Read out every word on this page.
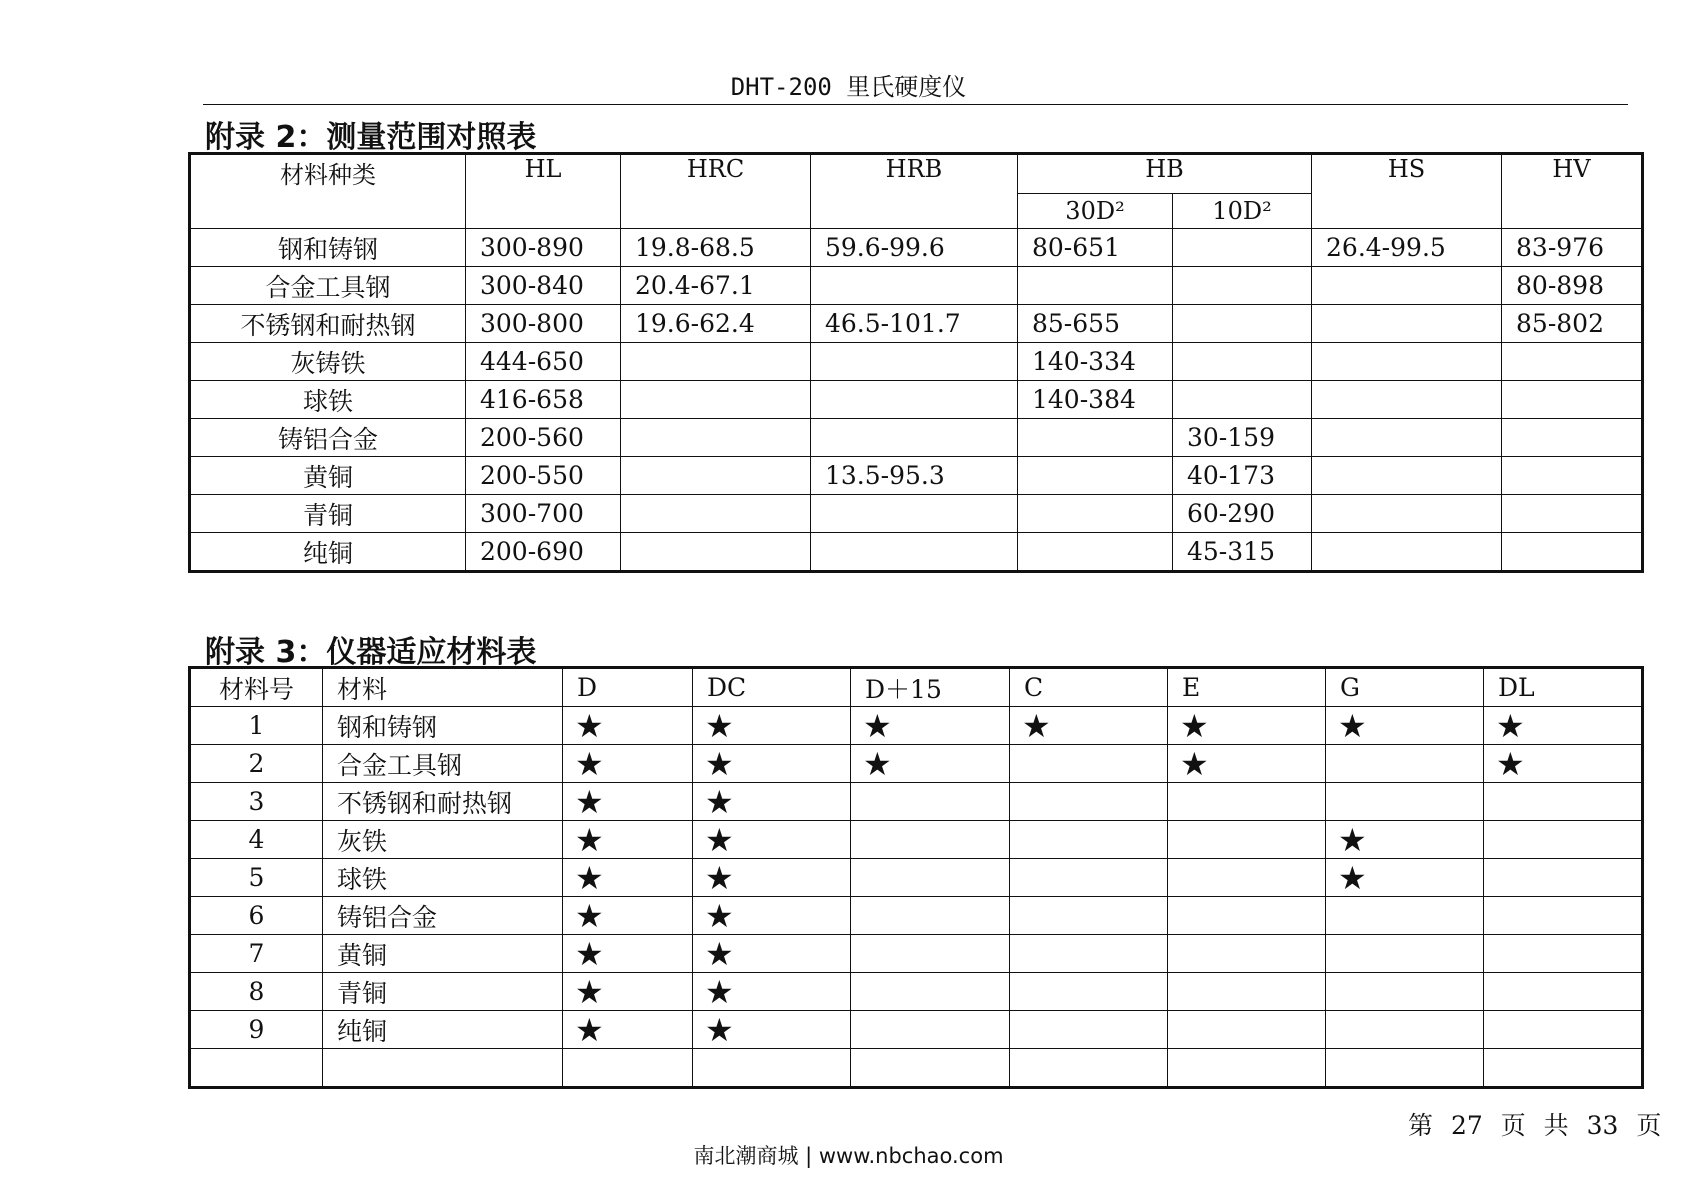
DHT-200 里氏硬度仪
附录 2：测量范围对照表
材料种类	HL	HRC	HRB	HB		HS	HV
				30D²	10D²		
钢和铸钢	300-890	19.8-68.5	59.6-99.6	80-651		26.4-99.5	83-976
合金工具钢	300-840	20.4-67.1					80-898
不锈钢和耐热钢	300-800	19.6-62.4	46.5-101.7	85-655			85-802
灰铸铁	444-650			140-334			
球铁	416-658			140-384			
铸铝合金	200-560				30-159		
黄铜	200-550		13.5-95.3		40-173		
青铜	300-700				60-290		
纯铜	200-690				45-315		
附录 3：仪器适应材料表
材料号	材料	D	DC	D＋15	C	E	G	DL
1	钢和铸钢	★	★	★	★	★	★	★
2	合金工具钢	★	★	★		★		★
3	不锈钢和耐热钢	★	★					
4	灰铁	★	★				★	
5	球铁	★	★				★	
6	铸铝合金	★	★					
7	黄铜	★	★					
8	青铜	★	★					
9	纯铜	★	★					

第 27 页 共 33 页
南北潮商城 | www.nbchao.com
